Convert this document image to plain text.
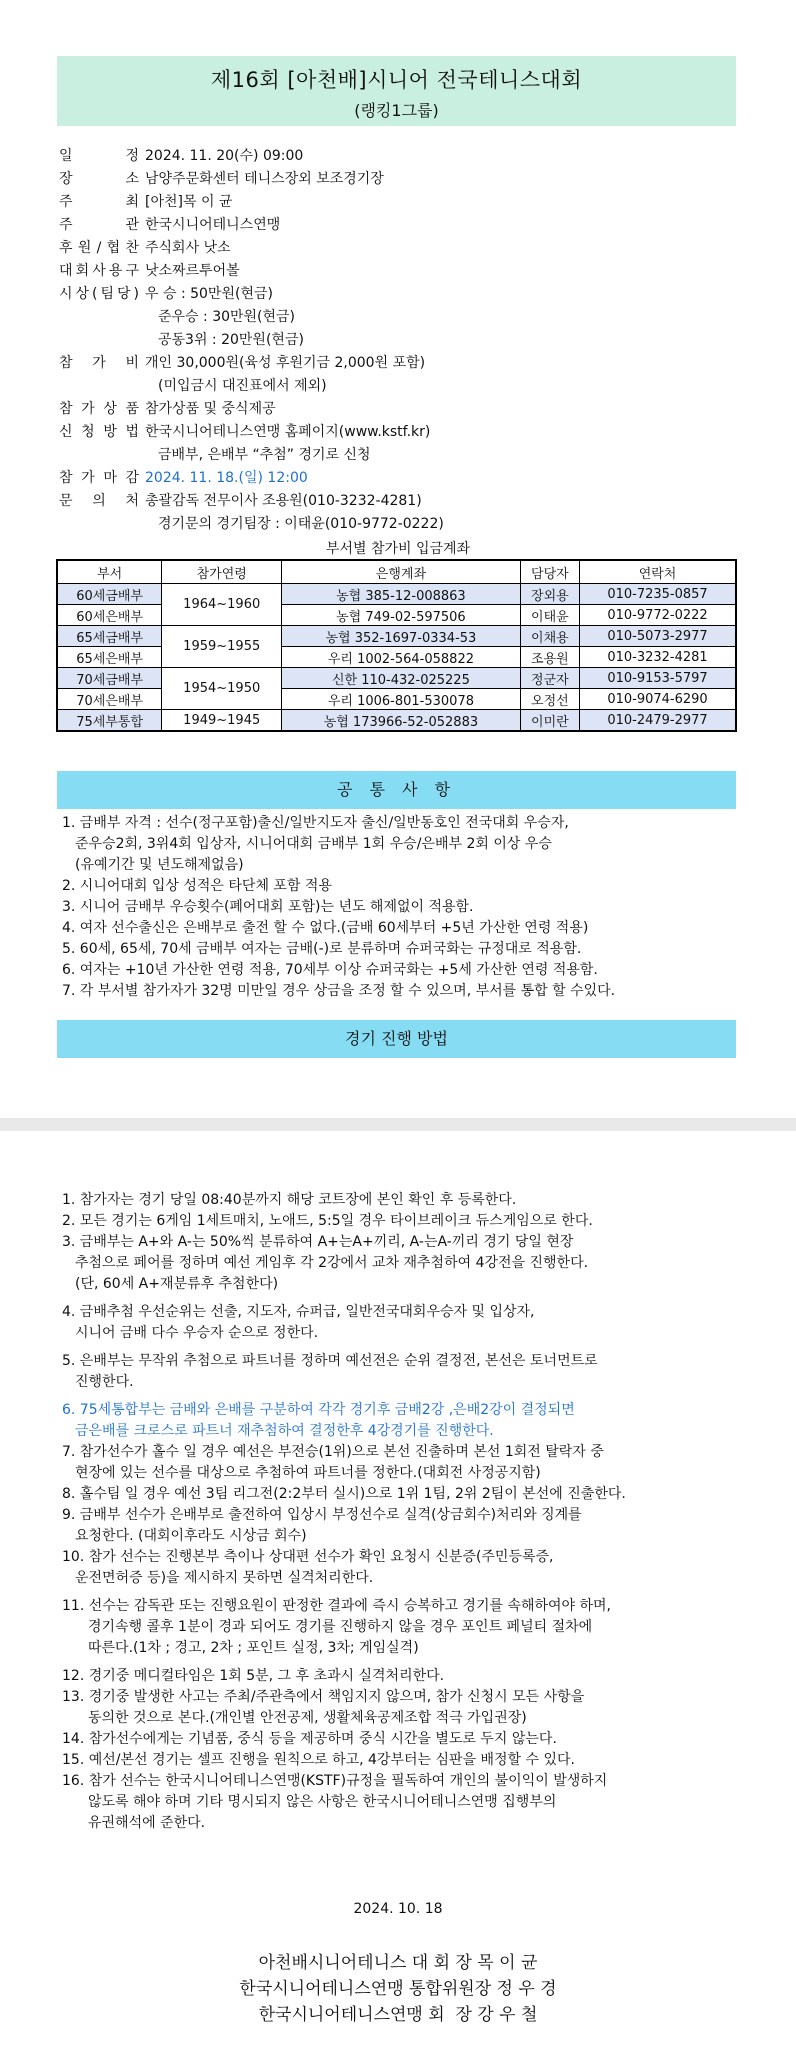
제16회 [아천배]시니어 전국테니스대회
(랭킹1그룹)
일	정 2024. 11. 20(수) 09:00
장	소 남양주문화센터 테니스장외 보조경기장
주	최 [아천]목 이 균
주	관 한국시니어테니스연맹
후 원 / 협 찬 주식회사 낫소
대 회 사 용 구 낫소짜르투어볼
시 상 ( 팀 당 ) 우 승 : 50만원(현금)
준우승 : 30만원(현금)
공동3위 : 20만원(현금)
참 가 비 개인 30,000원(육성 후원기금 2,000원 포함)
(미입금시 대진표에서 제외)
참 가 상 품 참가상품 및 중식제공
신 청 방 법 한국시니어테니스연맹 홈페이지(www.kstf.kr)
금배부, 은배부 “추첨” 경기로 신청
참 가 마 감 2024. 11. 18.(일) 12:00
문 의 처 총괄감독 전무이사 조용원(010-3232-4281)
경기문의 경기팀장 : 이태윤(010-9772-0222)
부서별 참가비 입금계좌
부서	참가연령	은행계좌	담당자	연락처
60세금배부	1964~1960	농협 385-12-008863	장외용	010-7235-0857
60세은배부		농협 749-02-597506	이태윤	010-9772-0222
65세금배부	1959~1955	농협 352-1697-0334-53	이채용	010-5073-2977
65세은배부		우리 1002-564-058822	조용원	010-3232-4281
70세금배부	1954~1950	신한 110-432-025225	정군자	010-9153-5797
70세은배부		우리 1006-801-530078	오정선	010-9074-6290
75세부통합	1949~1945	농협 173966-52-052883	이미란	010-2479-2977
공 통 사 항
1. 금배부 자격 : 선수(정구포함)출신/일반지도자 출신/일반동호인 전국대회 우승자,
준우승2회, 3위4회 입상자, 시니어대회 금배부 1회 우승/은배부 2회 이상 우승
(유예기간 및 년도해제없음)
2. 시니어대회 입상 성적은 타단체 포함 적용
3. 시니어 금배부 우승횟수(폐어대회 포함)는 년도 해제없이 적용함.
4. 여자 선수출신은 은배부로 출전 할 수 없다.(금배 60세부터 +5년 가산한 연령 적용)
5. 60세, 65세, 70세 금배부 여자는 금배(-)로 분류하며 슈퍼국화는 규정대로 적용함.
6. 여자는 +10년 가산한 연령 적용, 70세부 이상 슈퍼국화는 +5세 가산한 연령 적용함.
7. 각 부서별 참가자가 32명 미만일 경우 상금을 조정 할 수 있으며, 부서를 통합 할 수있다.
경기 진행 방법
1. 참가자는 경기 당일 08:40분까지 해당 코트장에 본인 확인 후 등록한다.
2. 모든 경기는 6게임 1세트매치, 노애드, 5:5일 경우 타이브레이크 듀스게임으로 한다.
3. 금배부는 A+와 A-는 50%씩 분류하여 A+는A+끼리, A-는A-끼리 경기 당일 현장
추첨으로 페어를 정하며 예선 게임후 각 2강에서 교차 재추첨하여 4강전을 진행한다.
(단, 60세 A+재분류후 추첨한다)
4. 금배추첨 우선순위는 선출, 지도자, 슈퍼급, 일반전국대회우승자 및 입상자,
시니어 금배 다수 우승자 순으로 정한다.
5. 은배부는 무작위 추첨으로 파트너를 정하며 예선전은 순위 결정전, 본선은 토너먼트로
진행한다.
6. 75세통합부는 금배와 은배를 구분하여 각각 경기후 금배2강 ,은배2강이 결정되면
금은배를 크로스로 파트너 재추첨하여 결정한후 4강경기를 진행한다.
7. 참가선수가 홀수 일 경우 예선은 부전승(1위)으로 본선 진출하며 본선 1회전 탈락자 중
현장에 있는 선수를 대상으로 추첨하여 파트너를 정한다.(대회전 사정공지함)
8. 홀수팀 일 경우 예선 3팀 리그전(2:2부터 실시)으로 1위 1팀, 2위 2팀이 본선에 진출한다.
9. 금배부 선수가 은배부로 출전하여 입상시 부정선수로 실격(상금회수)처리와 징계를
요청한다. (대회이후라도 시상금 회수)
10. 참가 선수는 진행본부 측이나 상대편 선수가 확인 요청시 신분증(주민등록증,
운전면허증 등)을 제시하지 못하면 실격처리한다.
11. 선수는 감독관 또는 진행요원이 판정한 결과에 즉시 승복하고 경기를 속해하여야 하며,
경기속행 콜후 1분이 경과 되어도 경기를 진행하지 않을 경우 포인트 페널티 절차에
따른다.(1차 ; 경고, 2차 ; 포인트 실정, 3차; 게임실격)
12. 경기중 메디컬타임은 1회 5분, 그 후 초과시 실격처리한다.
13. 경기중 발생한 사고는 주최/주관측에서 책임지지 않으며, 참가 신청시 모든 사항을
동의한 것으로 본다.(개인별 안전공제, 생활체육공제조합 적극 가입권장)
14. 참가선수에게는 기념품, 중식 등을 제공하며 중식 시간을 별도로 두지 않는다.
15. 예선/본선 경기는 셀프 진행을 원칙으로 하고, 4강부터는 심판을 배정할 수 있다.
16. 참가 선수는 한국시니어테니스연맹(KSTF)규정을 필독하여 개인의 불이익이 발생하지
않도록 해야 하며 기타 명시되지 않은 사항은 한국시니어테니스연맹 집행부의
유권해석에 준한다.
2024. 10. 18
아천배시니어테니스 대 회 장 목 이 균
한국시니어테니스연맹 통합위원장 정 우 경
한국시니어테니스연맹 회  장 강 우 철
